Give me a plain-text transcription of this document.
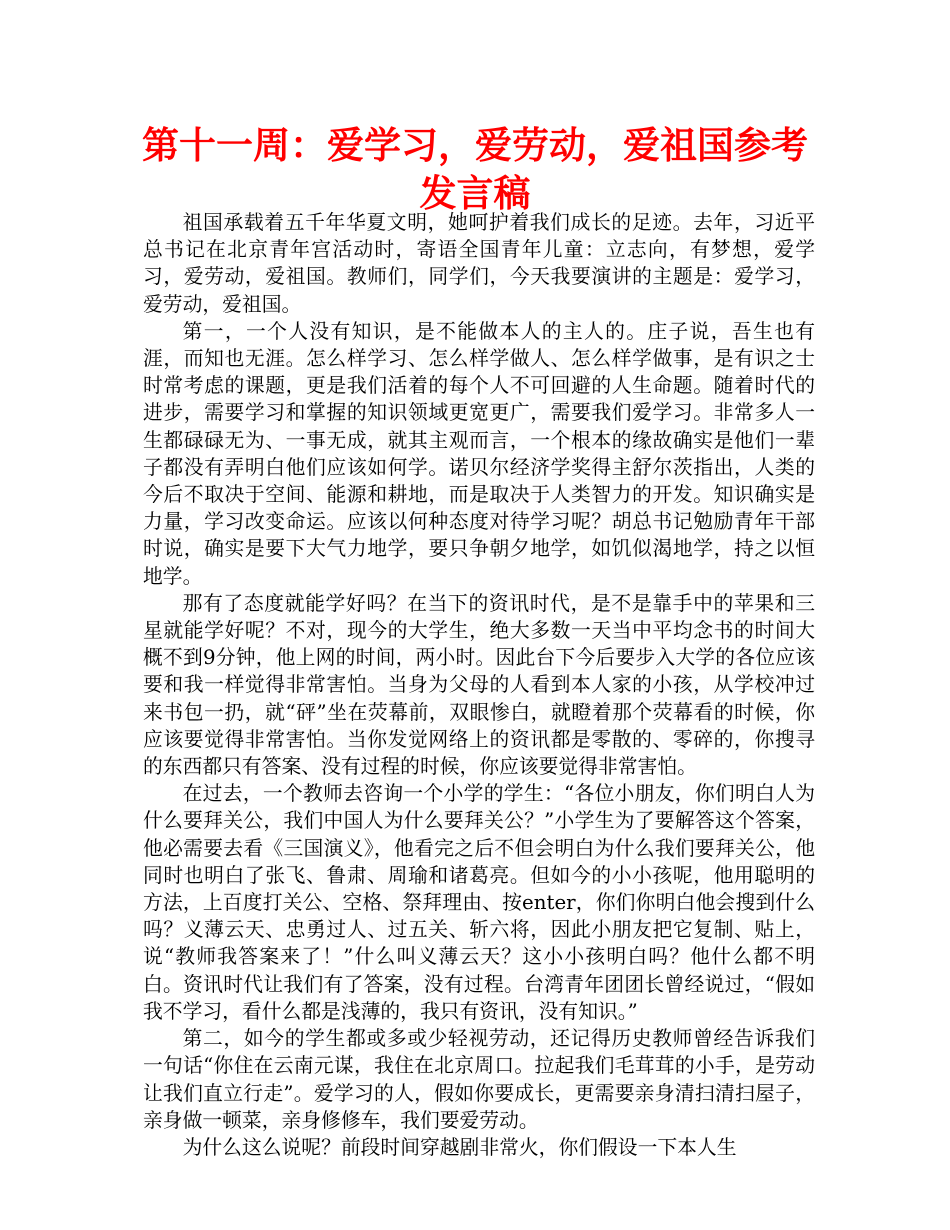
第十一周：爱学习，爱劳动，爱祖国参考发言稿

祖国承载着五千年华夏文明，她呵护着我们成长的足迹。去年，习近平总书记在北京青年宫活动时，寄语全国青年儿童：立志向，有梦想，爱学习，爱劳动，爱祖国。教师们，同学们，今天我要演讲的主题是：爱学习，爱劳动，爱祖国。

第一，一个人没有知识，是不能做本人的主人的。庄子说，吾生也有涯，而知也无涯。怎么样学习、怎么样学做人、怎么样学做事，是有识之士时常考虑的课题，更是我们活着的每个人不可回避的人生命题。随着时代的进步，需要学习和掌握的知识领域更宽更广，需要我们爱学习。非常多人一生都碌碌无为、一事无成，就其主观而言，一个根本的缘故确实是他们一辈子都没有弄明白他们应该如何学。诺贝尔经济学奖得主舒尔茨指出，人类的今后不取决于空间、能源和耕地，而是取决于人类智力的开发。知识确实是力量，学习改变命运。应该以何种态度对待学习呢？胡总书记勉励青年干部时说，确实是要下大气力地学，要只争朝夕地学，如饥似渴地学，持之以恒地学。

那有了态度就能学好吗？在当下的资讯时代，是不是靠手中的苹果和三星就能学好呢？不对，现今的大学生，绝大多数一天当中平均念书的时间大概不到9分钟，他上网的时间，两小时。因此台下今后要步入大学的各位应该要和我一样觉得非常害怕。当身为父母的人看到本人家的小孩，从学校冲过来书包一扔，就“砰”坐在荧幕前，双眼惨白，就瞪着那个荧幕看的时候，你应该要觉得非常害怕。当你发觉网络上的资讯都是零散的、零碎的，你搜寻的东西都只有答案、没有过程的时候，你应该要觉得非常害怕。

在过去，一个教师去咨询一个小学的学生：“各位小朋友，你们明白人为什么要拜关公，我们中国人为什么要拜关公？”小学生为了要解答这个答案，他必需要去看《三国演义》，他看完之后不但会明白为什么我们要拜关公，他同时也明白了张飞、鲁肃、周瑜和诸葛亮。但如今的小小孩呢，他用聪明的方法，上百度打关公、空格、祭拜理由、按enter，你们你明白他会搜到什么吗？义薄云天、忠勇过人、过五关、斩六将，因此小朋友把它复制、贴上，说“教师我答案来了！”什么叫义薄云天？这小小孩明白吗？他什么都不明白。资讯时代让我们有了答案，没有过程。台湾青年团团长曾经说过，“假如我不学习，看什么都是浅薄的，我只有资讯，没有知识。”

第二，如今的学生都或多或少轻视劳动，还记得历史教师曾经告诉我们一句话“你住在云南元谋，我住在北京周口。拉起我们毛茸茸的小手，是劳动让我们直立行走”。爱学习的人，假如你要成长，更需要亲身清扫清扫屋子，亲身做一顿菜，亲身修修车，我们要爱劳动。

为什么这么说呢？前段时间穿越剧非常火，你们假设一下本人生
